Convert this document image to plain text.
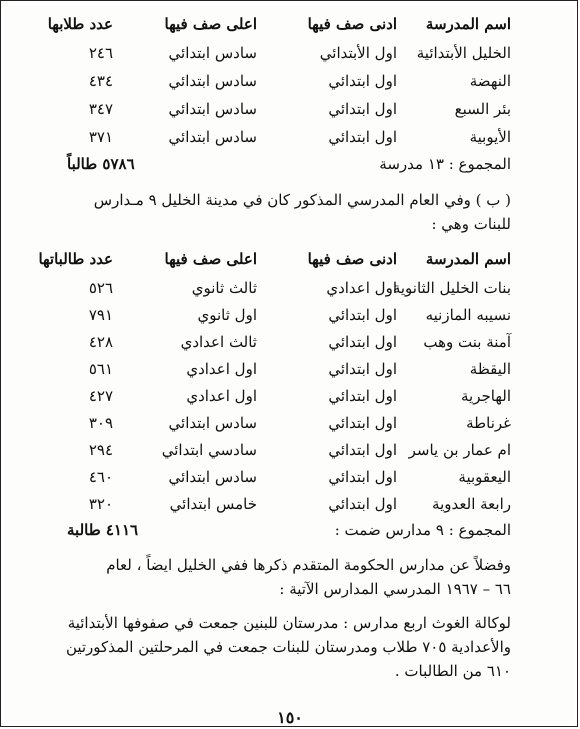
اسم المدرسة
ادنى صف فيها
اعلى صف فيها
عدد طلابها
الخليل الأبتدائية
اول الأبتدائي
سادس ابتدائي
٢٤٦
النهضة
اول ابتدائي
سادس ابتدائي
٤٣٤
بئر السبع
اول ابتدائي
سادس ابتدائي
٣٤٧
الأيوبية
اول ابتدائي
سادس ابتدائي
٣٧١
المجموع : ١٣ مدرسة
٥٧٨٦ طالباً

( ب ) وفي العام المدرسي المذكور كان في مدينة الخليل ٩ مـدارس

للبنات وهي :

اسم المدرسة
ادنى صف فيها
اعلى صف فيها
عدد طالباتها
بنات الخليل الثانوية
اول اعدادي
ثالث ثانوي
٥٢٦
نسيبه المازنيه
اول ابتدائي
اول ثانوي
٧٩١
آمنة بنت وهب
اول ابتدائي
ثالث اعدادي
٤٢٨
اليقظة
اول ابتدائي
اول اعدادي
٥٦١
الهاجرية
اول ابتدائي
اول اعدادي
٤٢٧
غرناطة
اول ابتدائي
سادس ابتدائي
٣٠٩
ام عمار بن ياسر
اول ابتدائي
سادسي ابتدائي
٢٩٤
اليعقوبية
اول ابتدائي
سادس ابتدائي
٤٦٠
رابعة العدوية
اول ابتدائي
خامس ابتدائي
٣٢٠
المجموع : ٩ مدارس ضمت :
٤١١٦ طالبة

وفضلاً عن مدارس الحكومة المتقدم ذكرها ففي الخليل ايضاً ، لعام

٦٦ – ١٩٦٧ المدرسي المدارس الآتية :

لوكالة الغوث اربع مدارس : مدرستان للبنين جمعت في صفوفها الأبتدائية

والأعدادية ٧٠٥ طلاب ومدرستان للبنات جمعت في المرحلتين المذكورتين

٦١٠ من الطالبات .

١٥٠
